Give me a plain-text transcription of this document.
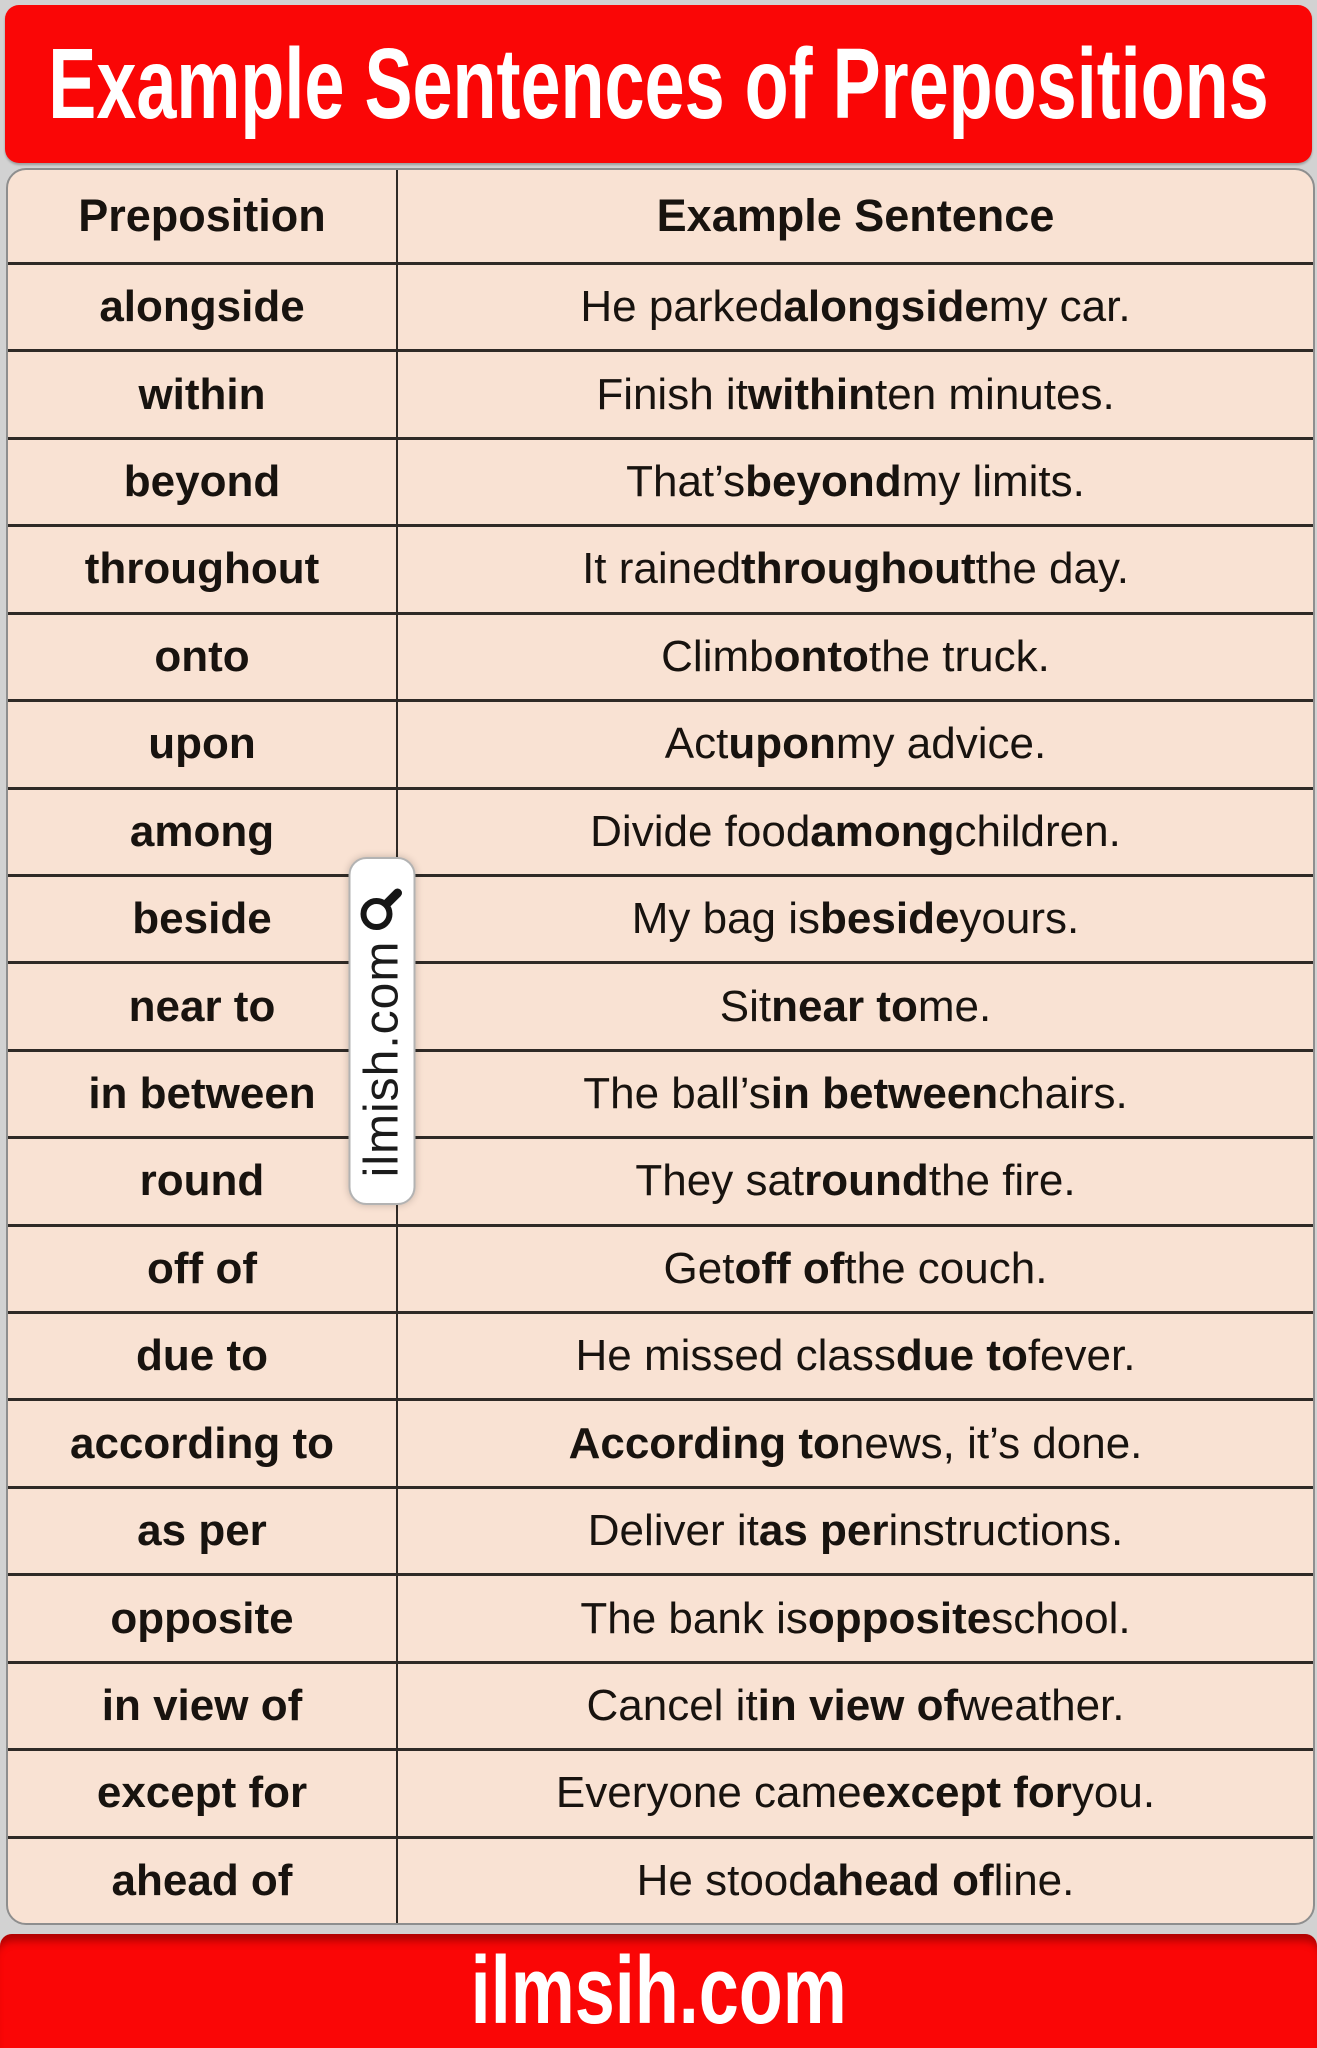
Example Sentences of Prepositions
Preposition	Example Sentence
alongside	He parked alongside my car.
within	Finish it within ten minutes.
beyond	That’s beyond my limits.
throughout	It rained throughout the day.
onto	Climb onto the truck.
upon	Act upon my advice.
among	Divide food among children.
beside	My bag is beside yours.
near to	Sit near to me.
in between	The ball’s in between chairs.
round	They sat round the fire.
off of	Get off of the couch.
due to	He missed class due to fever.
according to	According to news, it’s done.
as per	Deliver it as per instructions.
opposite	The bank is opposite school.
in view of	Cancel it in view of weather.
except for	Everyone came except for you.
ahead of	He stood ahead of line.
ilmish.com
ilmsih.com
